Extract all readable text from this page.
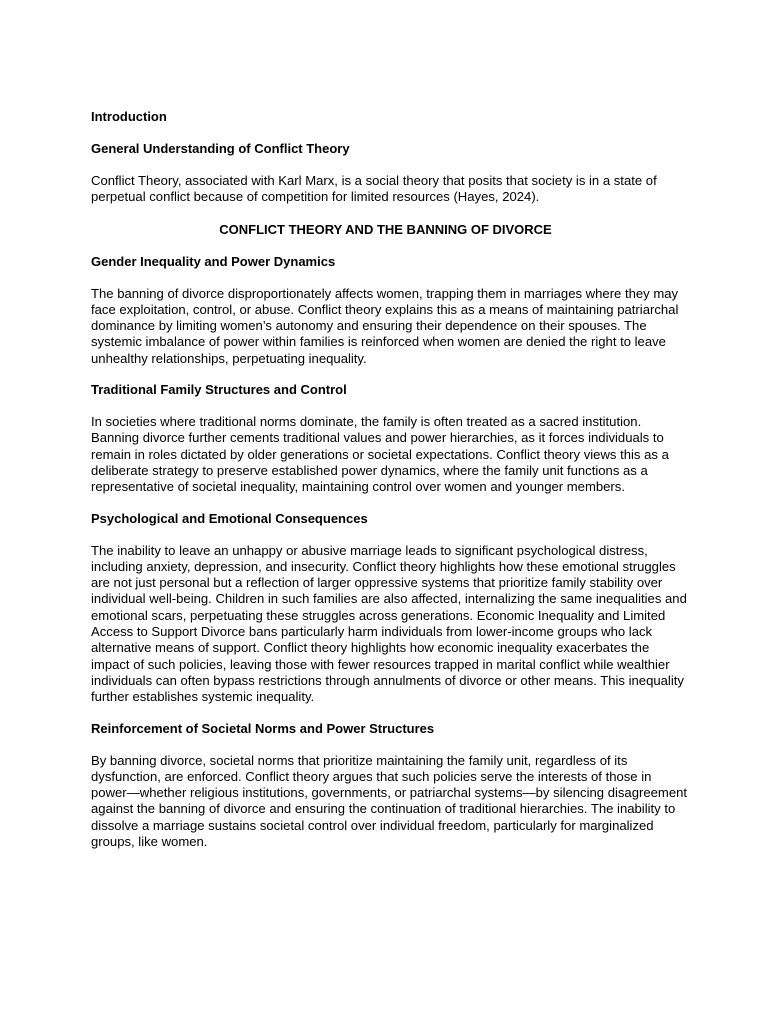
Introduction

General Understanding of Conflict Theory

Conflict Theory, associated with Karl Marx, is a social theory that posits that society is in a state of perpetual conflict because of competition for limited resources (Hayes, 2024).

CONFLICT THEORY AND THE BANNING OF DIVORCE

Gender Inequality and Power Dynamics

The banning of divorce disproportionately affects women, trapping them in marriages where they may face exploitation, control, or abuse. Conflict theory explains this as a means of maintaining patriarchal dominance by limiting women’s autonomy and ensuring their dependence on their spouses. The systemic imbalance of power within families is reinforced when women are denied the right to leave unhealthy relationships, perpetuating inequality.

Traditional Family Structures and Control

In societies where traditional norms dominate, the family is often treated as a sacred institution. Banning divorce further cements traditional values and power hierarchies, as it forces individuals to remain in roles dictated by older generations or societal expectations. Conflict theory views this as a deliberate strategy to preserve established power dynamics, where the family unit functions as a representative of societal inequality, maintaining control over women and younger members.

Psychological and Emotional Consequences

The inability to leave an unhappy or abusive marriage leads to significant psychological distress, including anxiety, depression, and insecurity. Conflict theory highlights how these emotional struggles are not just personal but a reflection of larger oppressive systems that prioritize family stability over individual well-being. Children in such families are also affected, internalizing the same inequalities and emotional scars, perpetuating these struggles across generations. Economic Inequality and Limited Access to Support Divorce bans particularly harm individuals from lower-income groups who lack alternative means of support. Conflict theory highlights how economic inequality exacerbates the impact of such policies, leaving those with fewer resources trapped in marital conflict while wealthier individuals can often bypass restrictions through annulments of divorce or other means. This inequality further establishes systemic inequality.

Reinforcement of Societal Norms and Power Structures

By banning divorce, societal norms that prioritize maintaining the family unit, regardless of its dysfunction, are enforced. Conflict theory argues that such policies serve the interests of those in power—whether religious institutions, governments, or patriarchal systems—by silencing disagreement against the banning of divorce and ensuring the continuation of traditional hierarchies. The inability to dissolve a marriage sustains societal control over individual freedom, particularly for marginalized groups, like women.
